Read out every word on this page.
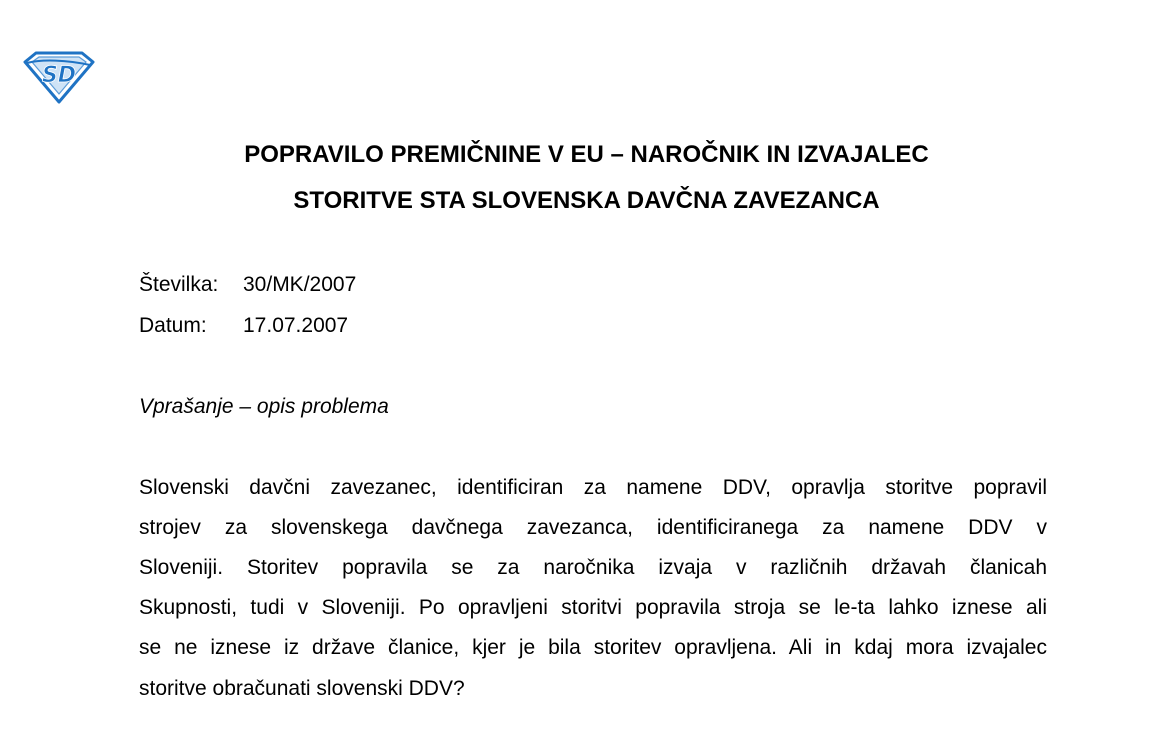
SD
POPRAVILO PREMIČNINE V EU – NAROČNIK IN IZVAJALEC
STORITVE STA SLOVENSKA DAVČNA ZAVEZANCA
Številka: 30/MK/2007
Datum: 17.07.2007
Vprašanje – opis problema
Slovenski davčni zavezanec, identificiran za namene DDV, opravlja storitve popravil
strojev za slovenskega davčnega zavezanca, identificiranega za namene DDV v
Sloveniji. Storitev popravila se za naročnika izvaja v različnih državah članicah
Skupnosti, tudi v Sloveniji. Po opravljeni storitvi popravila stroja se le-ta lahko iznese ali
se ne iznese iz države članice, kjer je bila storitev opravljena. Ali in kdaj mora izvajalec
storitve obračunati slovenski DDV?
